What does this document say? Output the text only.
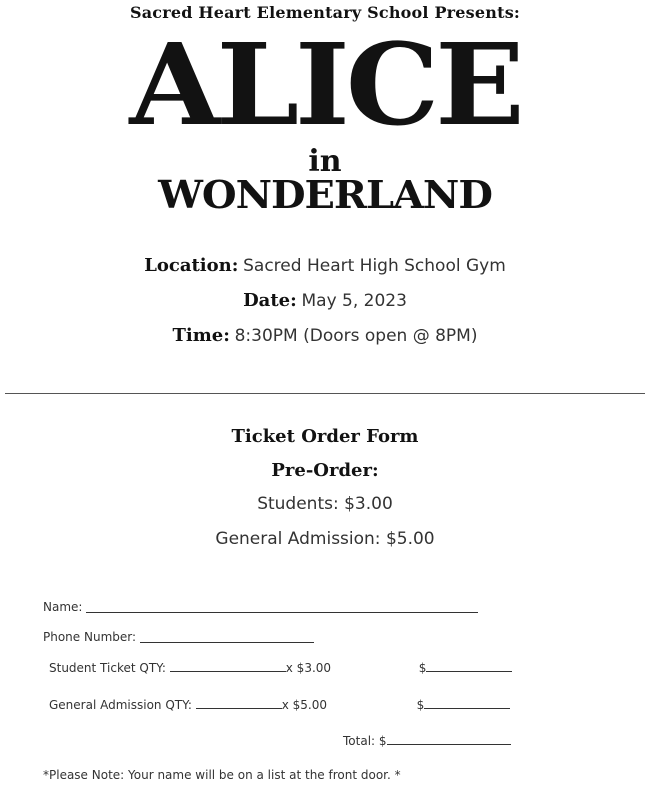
Sacred Heart Elementary School Presents:
ALICE
in
WONDERLAND
Location: Sacred Heart High School Gym
Date: May 5, 2023
Time: 8:30PM (Doors open @ 8PM)
Ticket Order Form
Pre-Order:
Students: $3.00
General Admission: $5.00
Name:
Phone Number:
Student Ticket QTY:	x $3.00	$
General Admission QTY:	x $5.00	$
Total: $
*Please Note: Your name will be on a list at the front door. *
